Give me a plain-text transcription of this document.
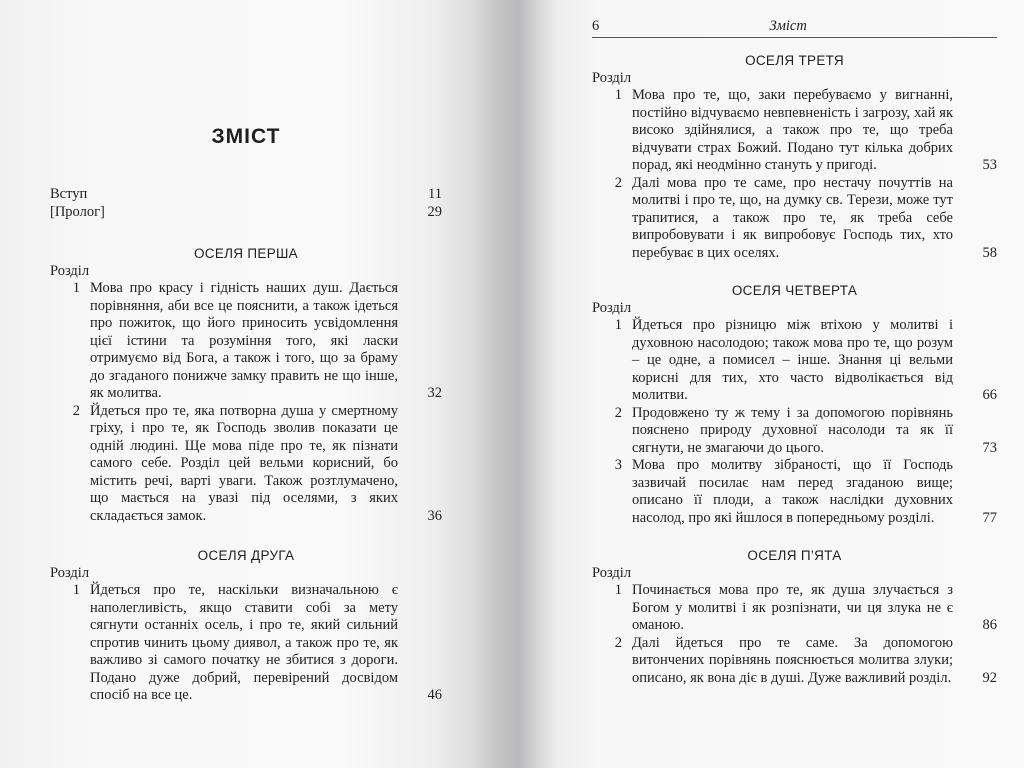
ЗМІСТ
Вступ	11
[Пролог]	29
ОСЕЛЯ ПЕРША
Розділ
1 Мова про красу і гідність наших душ. Дається порівняння, аби все це пояснити, а також ідеться про пожиток, що його приносить усвідомлення цієї істини та розуміння того, які ласки отримуємо від Бога, а також і того, що за браму до згаданого понижче замку править не що інше, як молитва.	32
2 Йдеться про те, яка потворна душа у смертному гріху, і про те, як Господь зволив показати це одній людині. Ще мова піде про те, як пізнати самого себе. Розділ цей вельми корисний, бо містить речі, варті уваги. Також розтлумачено, що мається на увазі під оселями, з яких складається замок.	36
ОСЕЛЯ ДРУГА
Розділ
1 Йдеться про те, наскільки визначальною є наполегливість, якщо ставити собі за мету сягнути останніх осель, і про те, який сильний спротив чинить цьому диявол, а також про те, як важливо зі самого початку не збитися з дороги. Подано дуже добрий, перевірений досвідом спосіб на все це.	46
6	Зміст
ОСЕЛЯ ТРЕТЯ
Розділ
1 Мова про те, що, заки перебуваємо у вигнанні, постійно відчуваємо невпевненість і загрозу, хай як високо здійнялися, а також про те, що треба відчувати страх Божий. Подано тут кілька добрих порад, які неодмінно стануть у пригоді.	53
2 Далі мова про те саме, про нестачу почуттів на молитві і про те, що, на думку св. Терези, може тут трапитися, а також про те, як треба себе випробовувати і як випробовує Господь тих, хто перебуває в цих оселях.	58
ОСЕЛЯ ЧЕТВЕРТА
Розділ
1 Йдеться про різницю між втіхою у молитві і духовною насолодою; також мова про те, що розум – це одне, а помисел – інше. Знання ці вельми корисні для тих, хто часто відволікається від молитви.	66
2 Продовжено ту ж тему і за допомогою порівнянь пояснено природу духовної насолоди та як її сягнути, не змагаючи до цього.	73
3 Мова про молитву зібраності, що її Господь зазвичай посилає нам перед згаданою вище; описано її плоди, а також наслідки духовних насолод, про які йшлося в попередньому розділі.	77
ОСЕЛЯ П’ЯТА
Розділ
1 Починається мова про те, як душа злучається з Богом у молитві і як розпізнати, чи ця злука не є оманою.	86
2 Далі йдеться про те саме. За допомогою витончених порівнянь пояснюється молитва злуки; описано, як вона діє в душі. Дуже важливий розділ.	92
